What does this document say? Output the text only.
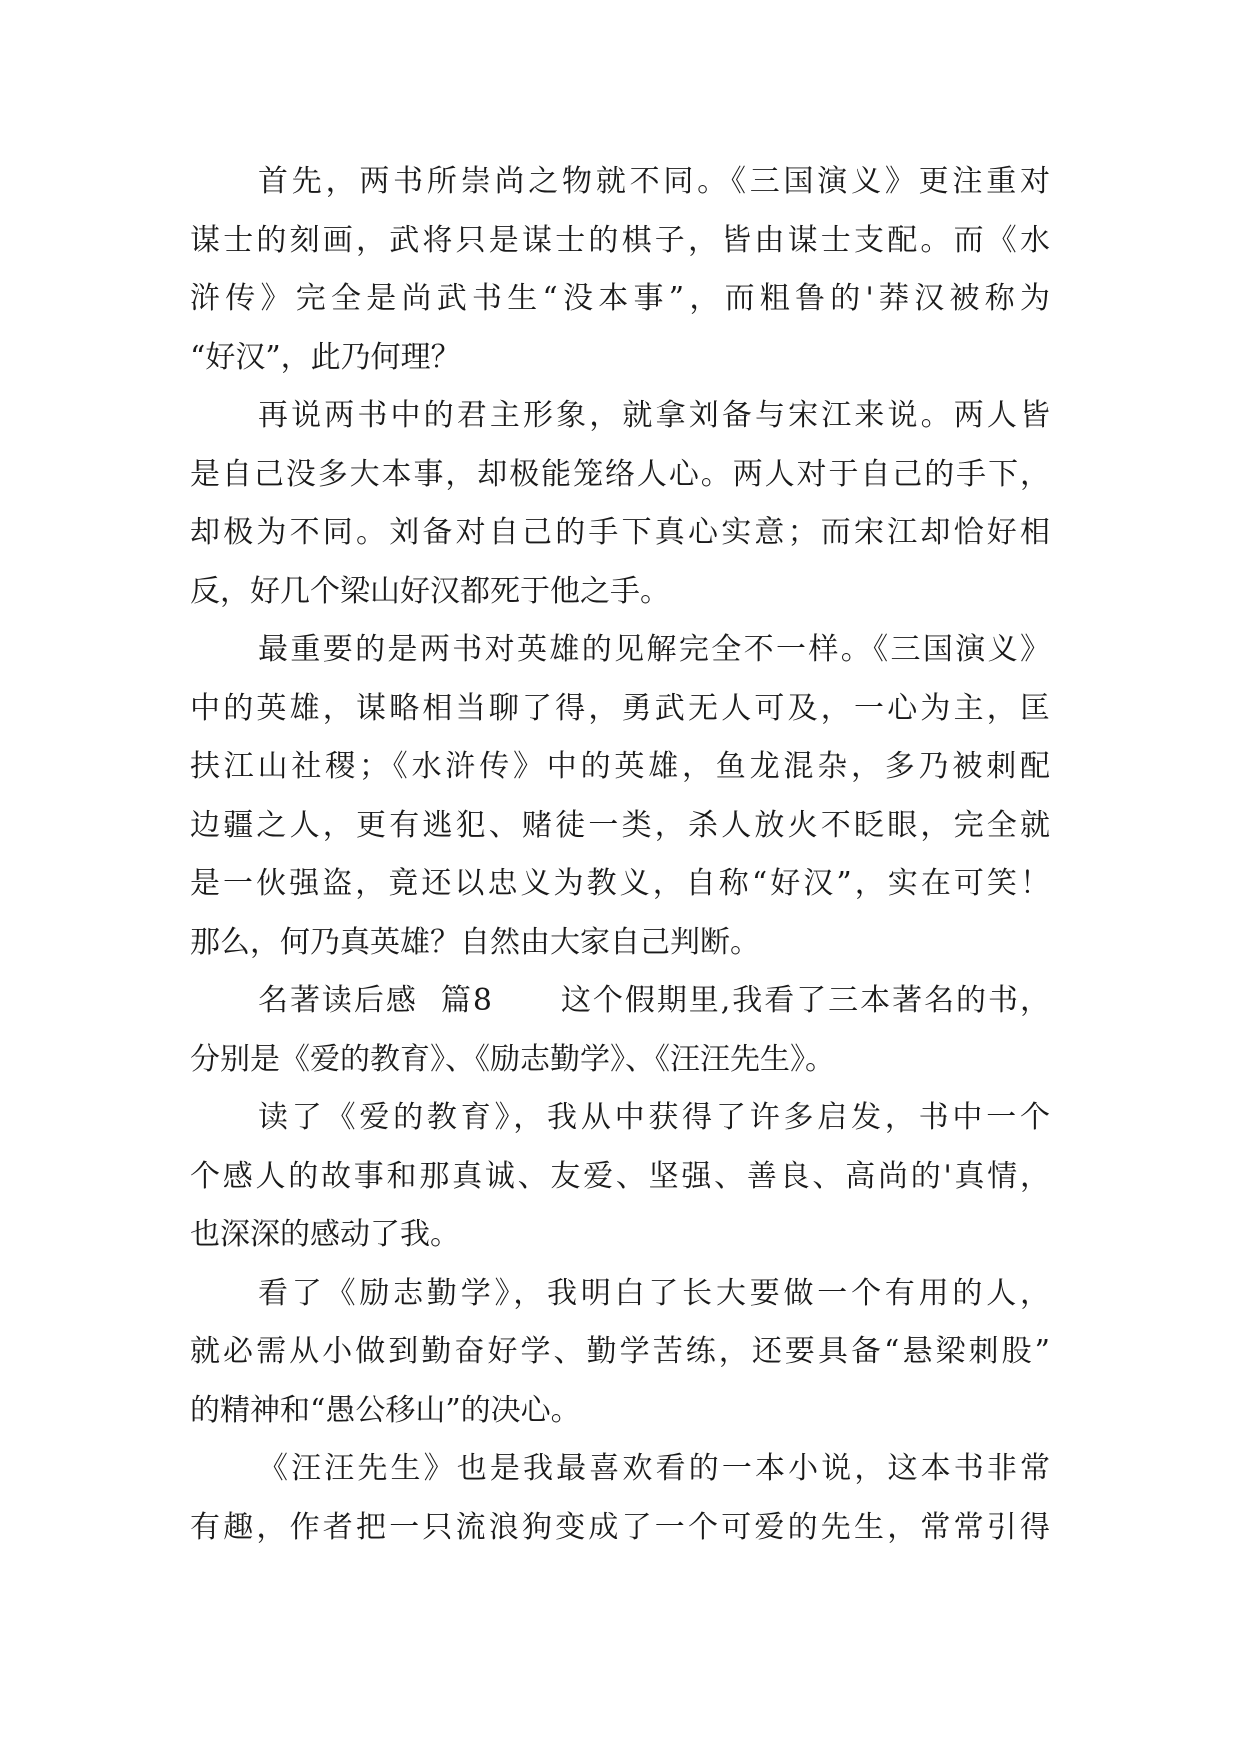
首先，两书所崇尚之物就不同。《三国演义》更注重对
谋士的刻画，武将只是谋士的棋子，皆由谋士支配。而《水
浒传》完全是尚武书生“没本事”，而粗鲁的'莽汉被称为
“好汉”，此乃何理？
再说两书中的君主形象，就拿刘备与宋江来说。两人皆
是自己没多大本事，却极能笼络人心。两人对于自己的手下，
却极为不同。刘备对自己的手下真心实意；而宋江却恰好相
反，好几个梁山好汉都死于他之手。
最重要的是两书对英雄的见解完全不一样。《三国演义》
中的英雄，谋略相当聊了得，勇武无人可及，一心为主，匡
扶江山社稷；《水浒传》中的英雄，鱼龙混杂，多乃被刺配
边疆之人，更有逃犯、赌徒一类，杀人放火不眨眼，完全就
是一伙强盗，竟还以忠义为教义，自称“好汉”，实在可笑！
那么，何乃真英雄？自然由大家自己判断。
名著读后感  篇8      这个假期里,我看了三本著名的书，
分别是《爱的教育》、《励志勤学》、《汪汪先生》。
读了《爱的教育》，我从中获得了许多启发，书中一个
个感人的故事和那真诚、友爱、坚强、善良、高尚的'真情，
也深深的感动了我。
看了《励志勤学》，我明白了长大要做一个有用的人，
就必需从小做到勤奋好学、勤学苦练，还要具备“悬梁刺股”
的精神和“愚公移山”的决心。
《汪汪先生》也是我最喜欢看的一本小说，这本书非常
有趣，作者把一只流浪狗变成了一个可爱的先生，常常引得
